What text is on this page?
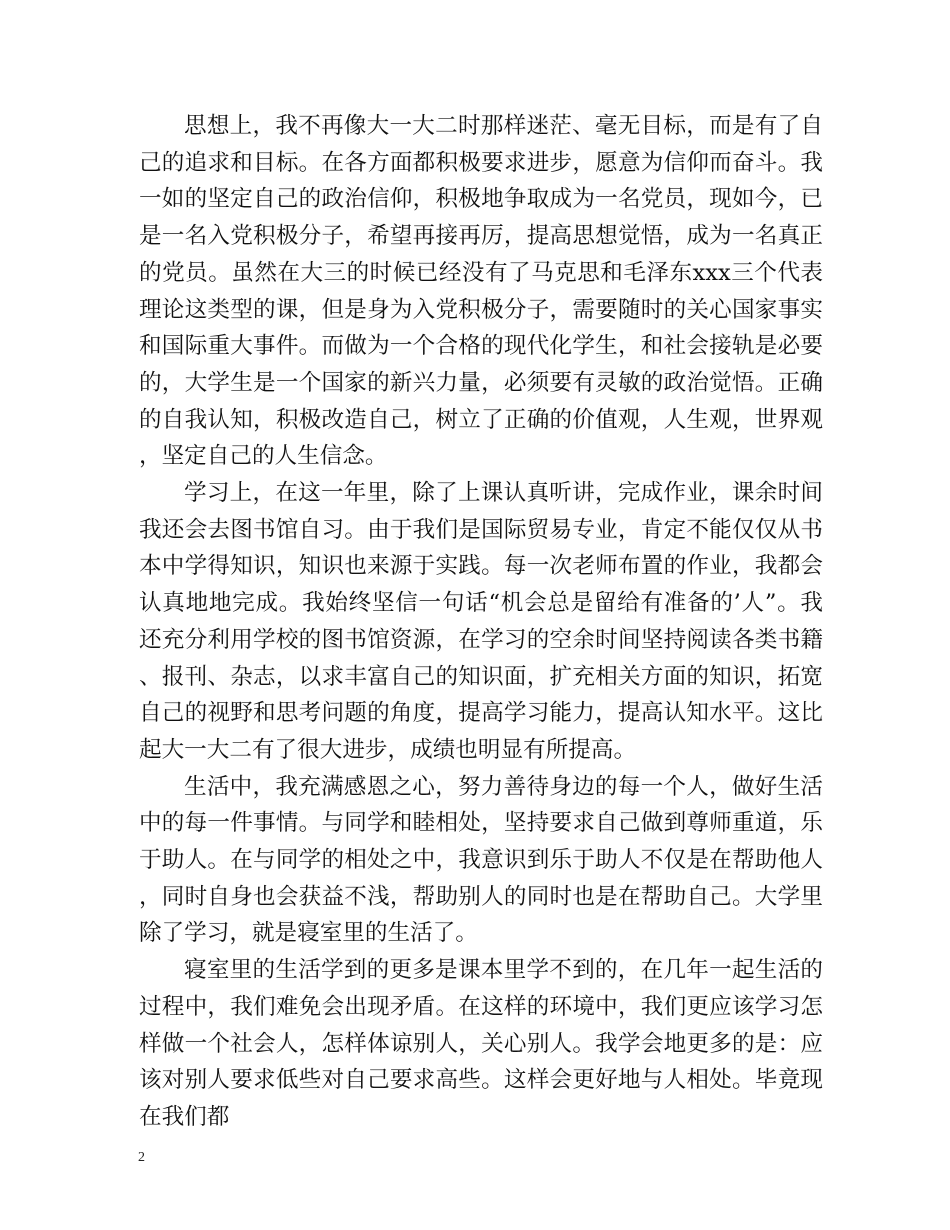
思想上，我不再像大一大二时那样迷茫、毫无目标，而是有了自己的追求和目标。在各方面都积极要求进步，愿意为信仰而奋斗。我一如的坚定自己的政治信仰，积极地争取成为一名党员，现如今，已是一名入党积极分子，希望再接再厉，提高思想觉悟，成为一名真正的党员。虽然在大三的时候已经没有了马克思和毛泽东xxx三个代表理论这类型的课，但是身为入党积极分子，需要随时的关心国家事实和国际重大事件。而做为一个合格的现代化学生，和社会接轨是必要的，大学生是一个国家的新兴力量，必须要有灵敏的政治觉悟。正确的自我认知，积极改造自己，树立了正确的价值观，人生观，世界观，坚定自己的人生信念。

学习上，在这一年里，除了上课认真听讲，完成作业，课余时间我还会去图书馆自习。由于我们是国际贸易专业，肯定不能仅仅从书本中学得知识，知识也来源于实践。每一次老师布置的作业，我都会认真地地完成。我始终坚信一句话“机会总是留给有准备的’人”。我还充分利用学校的图书馆资源，在学习的空余时间坚持阅读各类书籍、报刊、杂志，以求丰富自己的知识面，扩充相关方面的知识，拓宽自己的视野和思考问题的角度，提高学习能力，提高认知水平。这比起大一大二有了很大进步，成绩也明显有所提高。

生活中，我充满感恩之心，努力善待身边的每一个人，做好生活中的每一件事情。与同学和睦相处，坚持要求自己做到尊师重道，乐于助人。在与同学的相处之中，我意识到乐于助人不仅是在帮助他人，同时自身也会获益不浅，帮助别人的同时也是在帮助自己。大学里除了学习，就是寝室里的生活了。

寝室里的生活学到的更多是课本里学不到的，在几年一起生活的过程中，我们难免会出现矛盾。在这样的环境中，我们更应该学习怎样做一个社会人，怎样体谅别人，关心别人。我学会地更多的是：应该对别人要求低些对自己要求高些。这样会更好地与人相处。毕竟现在我们都

2
